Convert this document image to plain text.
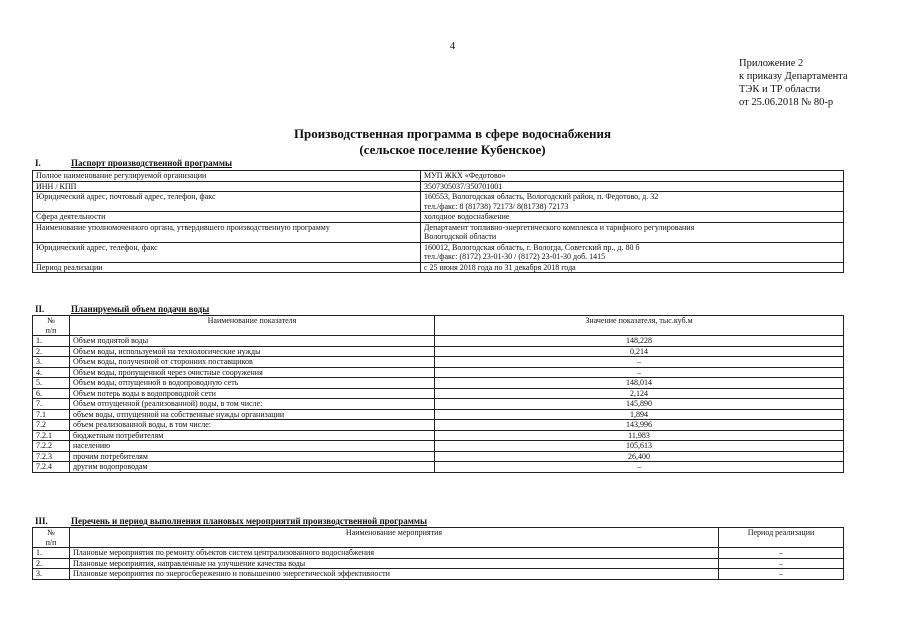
4
Приложение 2
к приказу Департамента
ТЭК и ТР области
от 25.06.2018 № 80-р
Производственная программа в сфере водоснабжения
(сельское поселение Кубенское)
I.	Паспорт производственной программы
Полное наименование регулируемой организации	МУП ЖКХ «Федотово»
ИНН / КПП	3507305037/350701001
Юридический адрес, почтовый адрес, телефон, факс	160553, Вологодская область, Вологодский район, п. Федотово, д. 32
тел./факс: 8 (81738) 72173/ 8(81738) 72173

Сфера деятельности	холодное водоснабжение
Наименование уполномоченного органа, утвердившего производственную программу	Департамент топливно-энергетического комплекса и тарифного регулирования
Вологодской области

Юридический адрес, телефон, факс	160012, Вологодская область, г. Вологда, Советский пр., д. 80 б
тел./факс: (8172) 23-01-30 / (8172) 23-01-30 доб. 1415

Период реализации	с 25 июня 2018 года по 31 декабря 2018 года
II.	Планируемый объем подачи воды
№
п/п	Наименование показателя	Значение показателя, тыс.куб.м
1.	Объем поднятой воды	148,228
2.	Объем воды, используемой на технологические нужды	0,214
3.	Объем воды, полученной от сторонних поставщиков	–
4.	Объем воды, пропущенной через очистные сооружения	–
5.	Объем воды, отпущенной в водопроводную сеть	148,014
6.	Объем потерь воды в водопроводной сети	2,124
7.	Объем отпущенной (реализованной) воды, в том числе:	145,890
7.1	объем воды, отпущенной на собственные нужды организации	1,894
7.2	объем реализованной воды, в том числе:	143,996
7.2.1	бюджетным потребителям	11,983
7.2.2	населению	105,613
7.2.3	прочим потребителям	26,400
7.2.4	другим водопроводам	–
III.	Перечень и период выполнения плановых мероприятий производственной программы
№
п/п	Наименование мероприятия	Период реализации
1.	Плановые мероприятия по ремонту объектов систем централизованного водоснабжения	–
2.	Плановые мероприятия, направленные на улучшение качества воды	–
3.	Плановые мероприятия по энергосбережению и повышению энергетической эффективности	–
